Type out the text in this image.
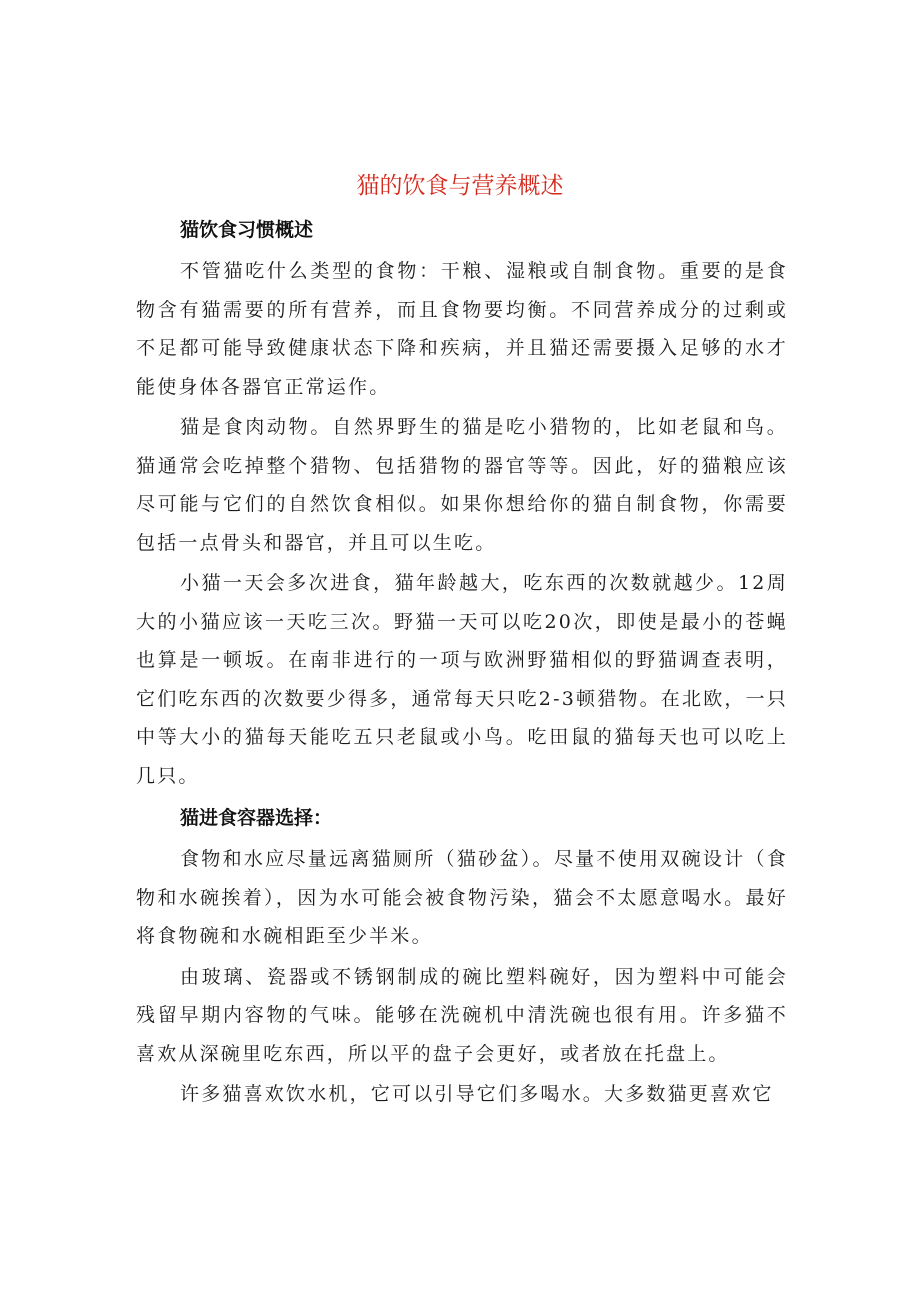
猫的饮食与营养概述
猫饮食习惯概述

不管猫吃什么类型的食物：干粮、湿粮或自制食物。重要的是食物含有猫需要的所有营养，而且食物要均衡。不同营养成分的过剩或不足都可能导致健康状态下降和疾病，并且猫还需要摄入足够的水才能使身体各器官正常运作。

猫是食肉动物。自然界野生的猫是吃小猎物的，比如老鼠和鸟。猫通常会吃掉整个猎物、包括猎物的器官等等。因此，好的猫粮应该尽可能与它们的自然饮食相似。如果你想给你的猫自制食物，你需要包括一点骨头和器官，并且可以生吃。

小猫一天会多次进食，猫年龄越大，吃东西的次数就越少。12周大的小猫应该一天吃三次。野猫一天可以吃20次，即使是最小的苍蝇也算是一顿坂。在南非进行的一项与欧洲野猫相似的野猫调查表明，它们吃东西的次数要少得多，通常每天只吃2-3顿猎物。在北欧，一只中等大小的猫每天能吃五只老鼠或小鸟。吃田鼠的猫每天也可以吃上几只。

猫进食容器选择：

食物和水应尽量远离猫厕所（猫砂盆）。尽量不使用双碗设计（食物和水碗挨着），因为水可能会被食物污染，猫会不太愿意喝水。最好将食物碗和水碗相距至少半米。

由玻璃、瓷器或不锈钢制成的碗比塑料碗好，因为塑料中可能会残留早期内容物的气味。能够在洗碗机中清洗碗也很有用。许多猫不喜欢从深碗里吃东西，所以平的盘子会更好，或者放在托盘上。

许多猫喜欢饮水机，它可以引导它们多喝水。大多数猫更喜欢它
